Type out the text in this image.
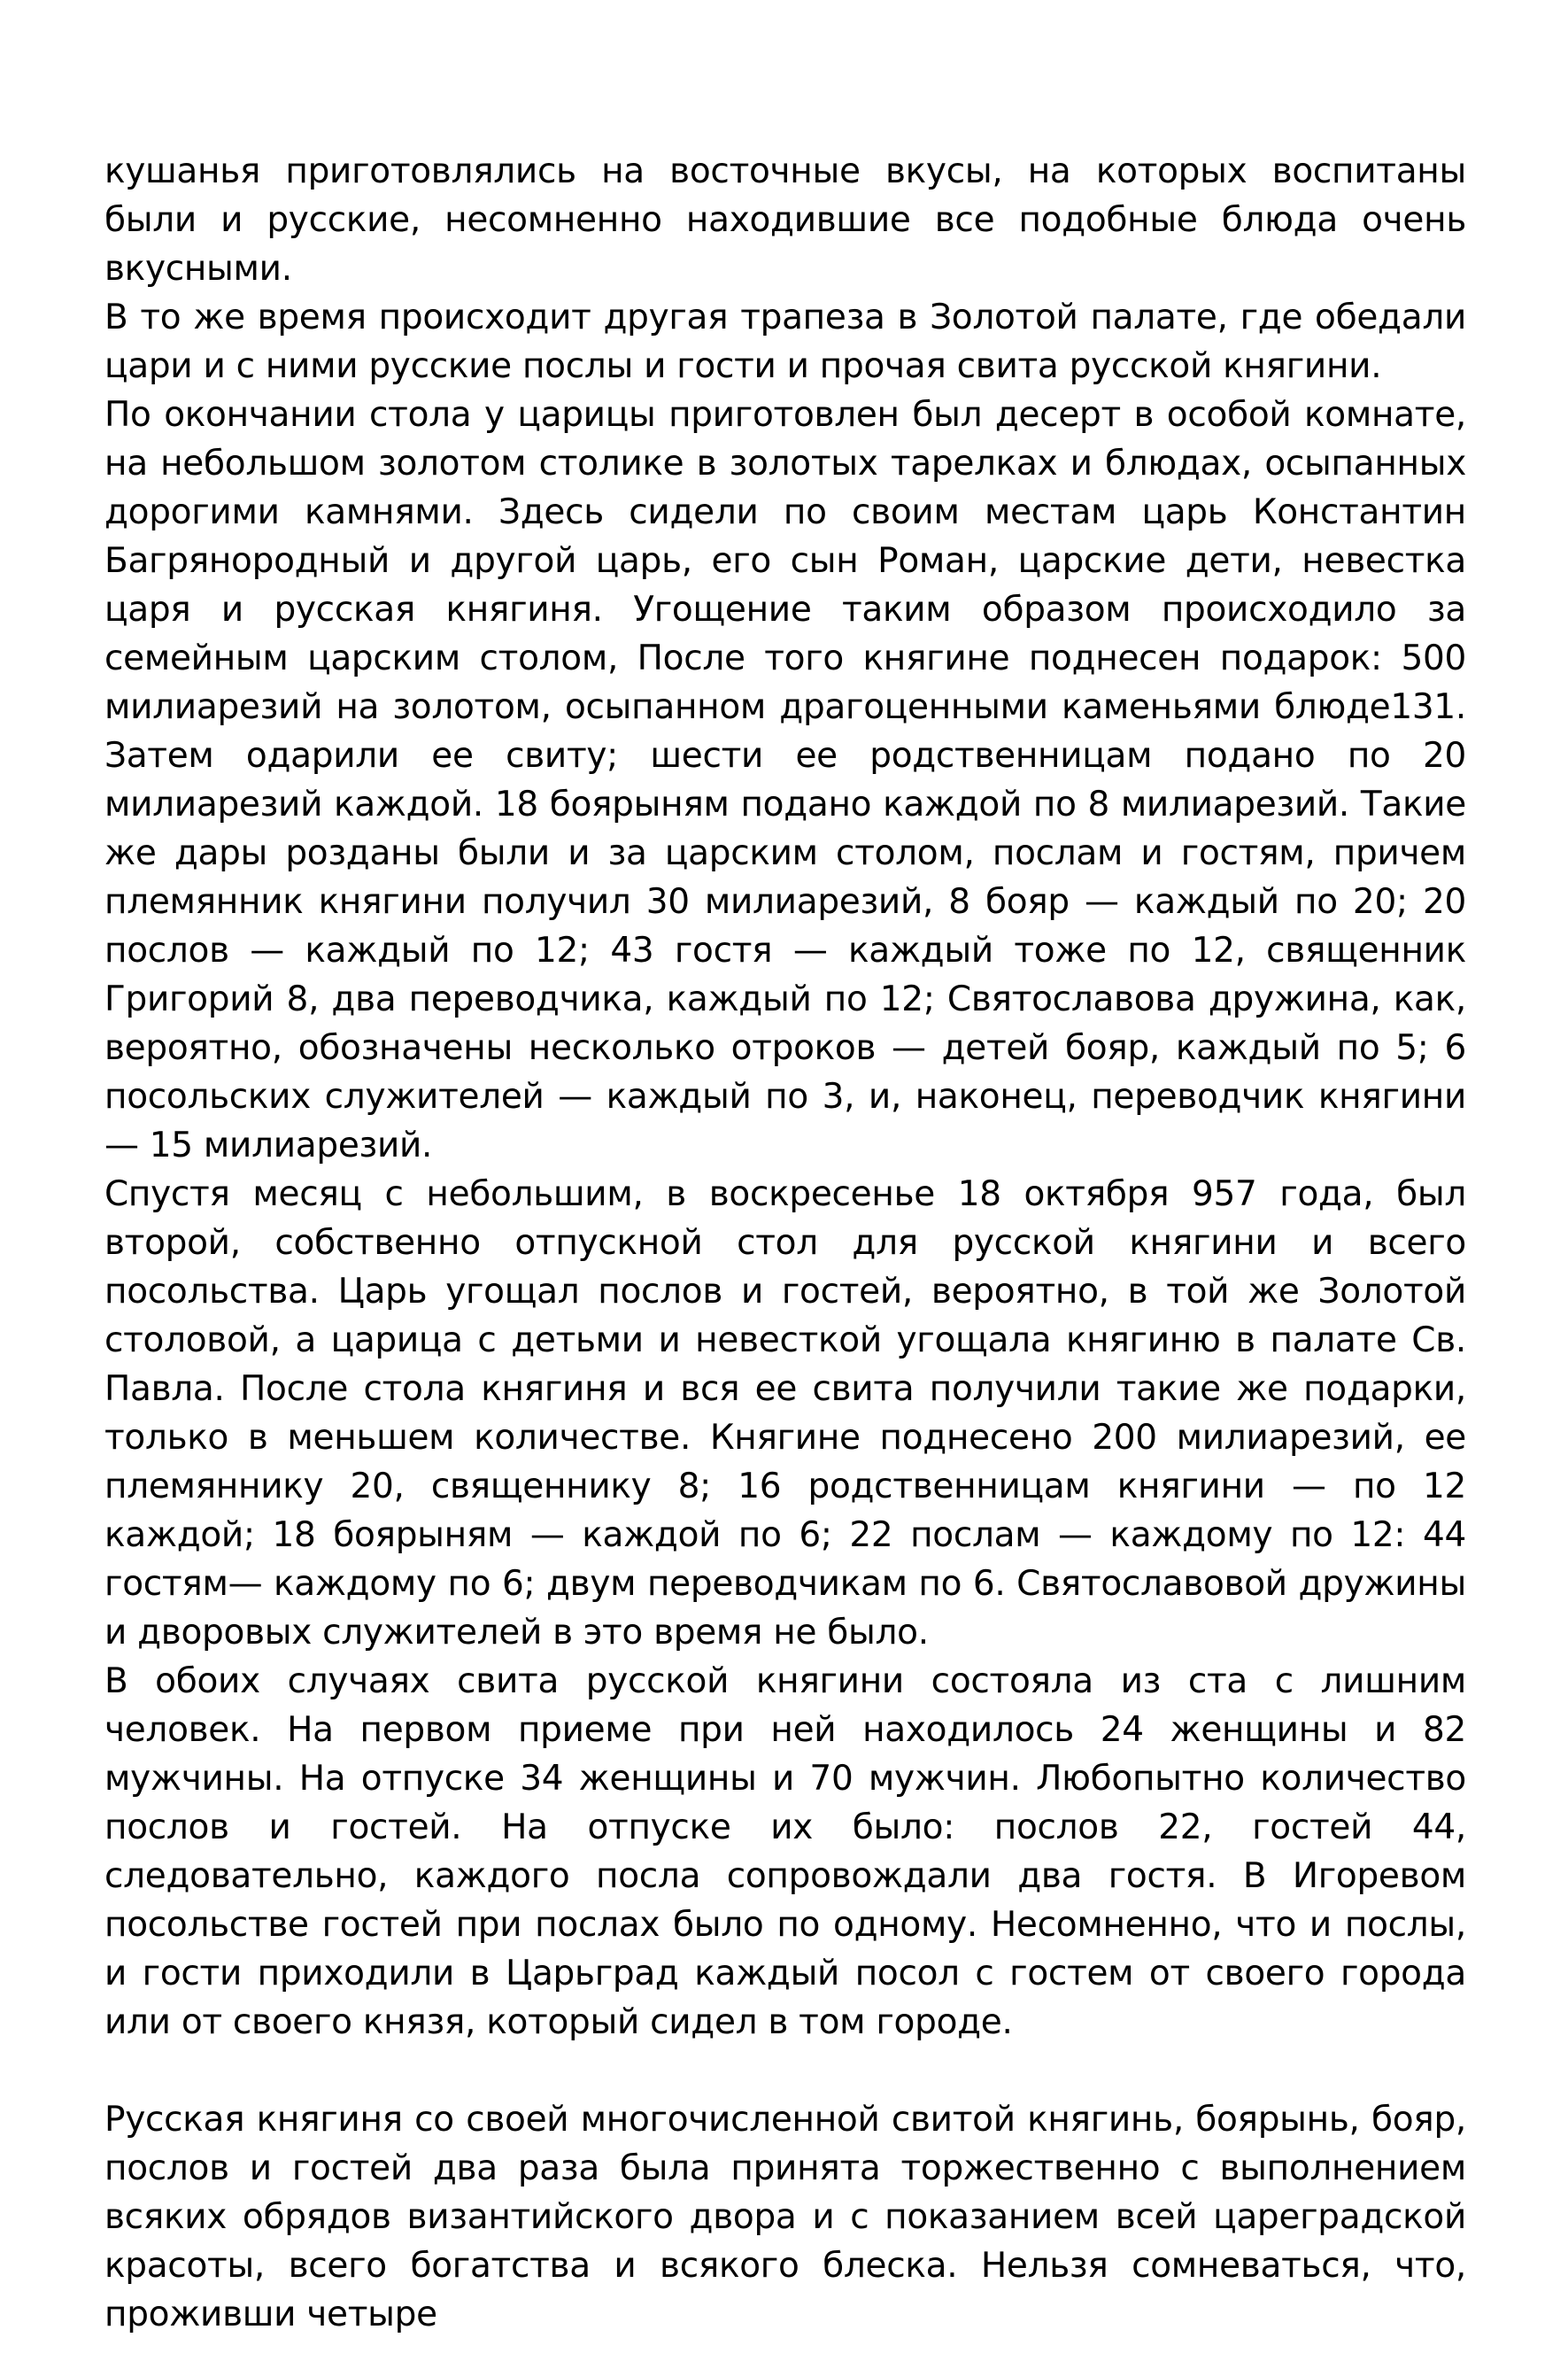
кушанья приготовлялись на восточные вкусы, на которых воспитаны были и русские, несомненно находившие все подобные блюда очень вкусными.

В то же время происходит другая трапеза в Золотой палате, где обедали цари и с ними русские послы и гости и прочая свита русской княгини.

По окончании стола у царицы приготовлен был десерт в особой комнате, на небольшом золотом столике в золотых тарелках и блюдах, осыпанных дорогими камнями. Здесь сидели по своим местам царь Константин Багрянородный и другой царь, его сын Роман, царские дети, невестка царя и русская княгиня. Угощение таким образом происходило за семейным царским столом, После того княгине поднесен подарок: 500 милиарезий на золотом, осыпанном драгоценными каменьями блюде131. Затем одарили ее свиту; шести ее родственницам подано по 20 милиарезий каждой. 18 боярыням подано каждой по 8 милиарезий. Такие же дары розданы были и за царским столом, послам и гостям, причем племянник княгини получил 30 милиарезий, 8 бояр — каждый по 20; 20 послов — каждый по 12; 43 гостя — каждый тоже по 12, священник Григорий 8, два переводчика, каждый по 12; Святославова дружина, как, вероятно, обозначены несколько отроков — детей бояр, каждый по 5; 6 посольских служителей — каждый по 3, и, наконец, переводчик княгини — 15 милиарезий.

Спустя месяц с небольшим, в воскресенье 18 октября 957 года, был второй, собственно отпускной стол для русской княгини и всего посольства. Царь угощал послов и гостей, вероятно, в той же Золотой столовой, а царица с детьми и невесткой угощала княгиню в палате Св. Павла. После стола княгиня и вся ее свита получили такие же подарки, только в меньшем количестве. Княгине поднесено 200 милиарезий, ее племяннику 20, священнику 8; 16 родственницам княгини — по 12 каждой; 18 боярыням — каждой по 6; 22 послам — каждому по 12: 44 гостям— каждому по 6; двум переводчикам по 6. Святославовой дружины и дворовых служителей в это время не было.

В обоих случаях свита русской княгини состояла из ста с лишним человек. На первом приеме при ней находилось 24 женщины и 82 мужчины. На отпуске 34 женщины и 70 мужчин. Любопытно количество послов и гостей. На отпуске их было: послов 22, гостей 44, следовательно, каждого посла сопровождали два гостя. В Игоревом посольстве гостей при послах было по одному. Несомненно, что и послы, и гости приходили в Царьград каждый посол с гостем от своего города или от своего князя, который сидел в том городе.

Русская княгиня со своей многочисленной свитой княгинь, боярынь, бояр, послов и гостей два раза была принята торжественно с выполнением всяких обрядов византийского двора и с показанием всей цареградской красоты, всего богатства и всякого блеска. Нельзя сомневаться, что, проживши четыре
